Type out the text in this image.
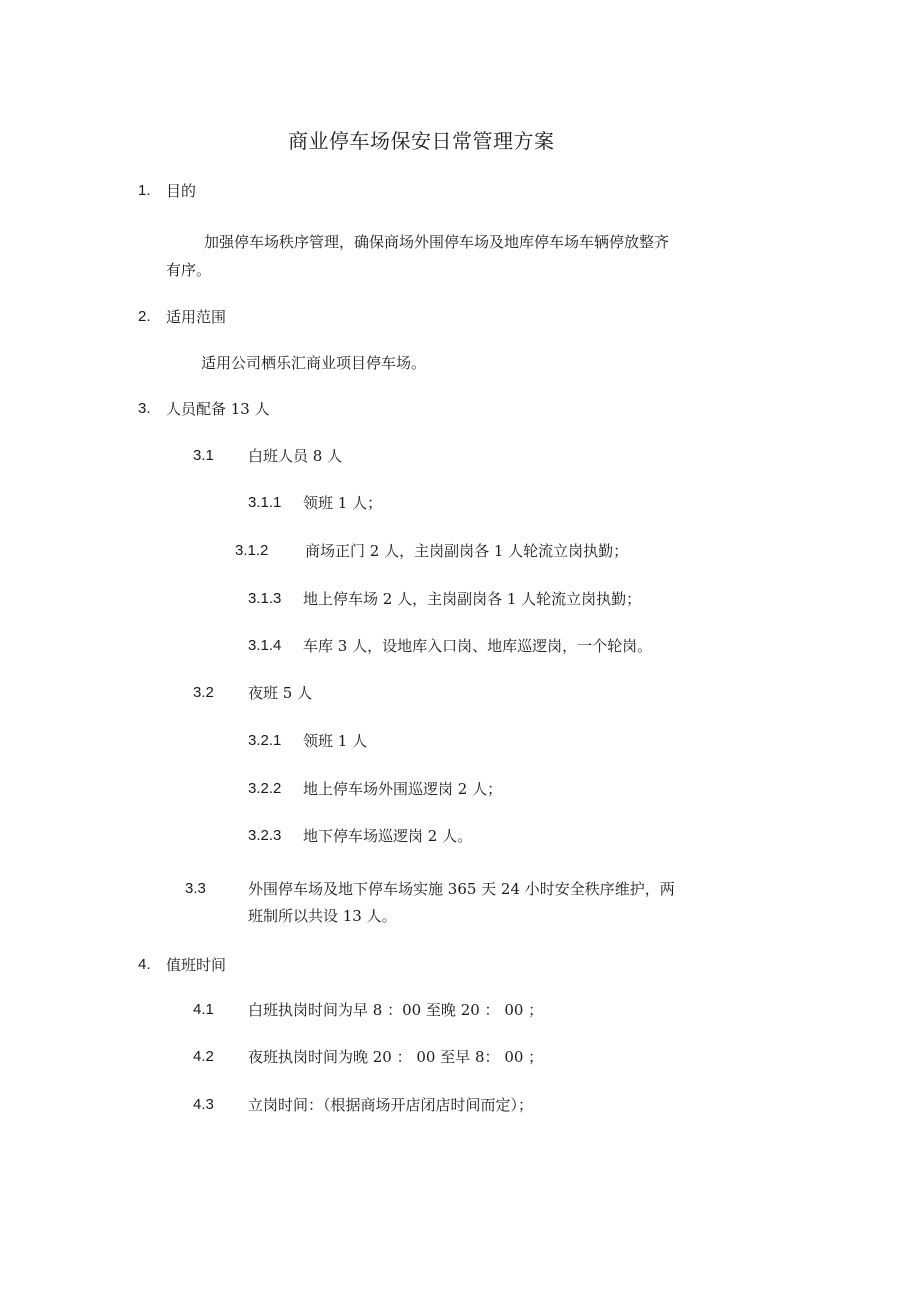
商业停车场保安日常管理方案
1. 目的
加强停车场秩序管理，确保商场外围停车场及地库停车场车辆停放整齐
有序。
2. 适用范围
适用公司栖乐汇商业项目停车场。
3. 人员配备 13 人
3.1 白班人员 8 人
3.1.1 领班 1 人；
3.1.2 商场正门 2 人，主岗副岗各 1 人轮流立岗执勤；
3.1.3 地上停车场 2 人，主岗副岗各 1 人轮流立岗执勤；
3.1.4 车库 3 人，设地库入口岗、地库巡逻岗，一个轮岗。
3.2 夜班 5 人
3.2.1 领班 1 人
3.2.2 地上停车场外围巡逻岗 2 人；
3.2.3 地下停车场巡逻岗 2 人。
3.3	外围停车场及地下停车场实施 365 天 24 小时安全秩序维护，两
班制所以共设 13 人。
4. 值班时间
4.1 白班执岗时间为早 8 ：00 至晚 20 ： 00 ；
4.2 夜班执岗时间为晚 20 ： 00 至早 8： 00 ；
4.3 立岗时间：（根据商场开店闭店时间而定）；
